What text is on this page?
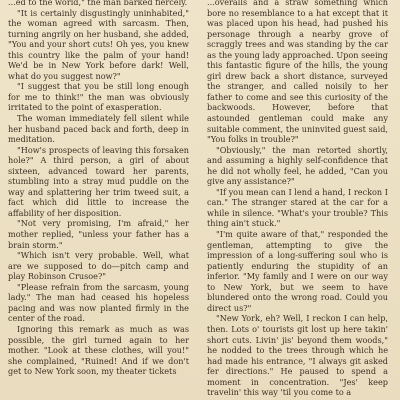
...ed to the world," the man barked fiercely.

"It is certainly disgustingly uninhabited," the woman agreed with sarcasm. Then, turning angrily on her husband, she added, "You and your short cuts! Oh yes, you knew this country like the palm of your hand! We'd be in New York before dark! Well, what do you suggest now?"

"I suggest that you be still long enough for me to think!" the man was obviously irritated to the point of exasperation.

The woman immediately fell silent while her husband paced back and forth, deep in meditation.

"How's prospects of leaving this forsaken hole?" A third person, a girl of about sixteen, advanced toward her parents, stumbling into a stray mud puddle on the way and splattering her trim tweed suit, a fact which did little to increase the affability of her disposition.

"Not very promising, I'm afraid," her mother replied, "unless your father has a brain storm."

"Which isn't very probable. Well, what are we supposed to do—pitch camp and play Robinson Crusoe?"

"Please refrain from the sarcasm, young lady." The man had ceased his hopeless pacing and was now planted firmly in the center of the road.

Ignoring this remark as much as was possible, the girl turned again to her mother. "Look at these clothes, will you!" she complained, "Ruined! And if we don't get to New York soon, my theater tickets

...overalls and a straw something which bore no resemblance to a hat except that it was placed upon his head, had pushed his personage through a nearby grove of scraggly trees and was standing by the car as the young lady approached. Upon seeing this fantastic figure of the hills, the young girl drew back a short distance, surveyed the stranger, and called noisily to her father to come and see this curiosity of the backwoods. However, before that astounded gentleman could make any suitable comment, the uninvited guest said, "You folks in trouble?"

"Obviously," the man retorted shortly, and assuming a highly self-confidence that he did not wholly feel, he added, "Can you give any assistance?"

"If you mean can I lend a hand, I reckon I can." The stranger stared at the car for a while in silence. "What's your trouble? This thing ain't stuck."

"I'm quite aware of that," responded the gentleman, attempting to give the impression of a long-suffering soul who is patiently enduring the stupidity of an inferior. "My family and I were on our way to New York, but we seem to have blundered onto the wrong road. Could you direct us?"

"New York, eh? Well, I reckon I can help, then. Lots o' tourists git lost up here takin' short cuts. Livin' jis' beyond them woods," he nodded to the trees through which he had made his entrance, "I always git asked fer directions." He paused to spend a moment in concentration. "Jes' keep travelin' this way 'til you come to a
